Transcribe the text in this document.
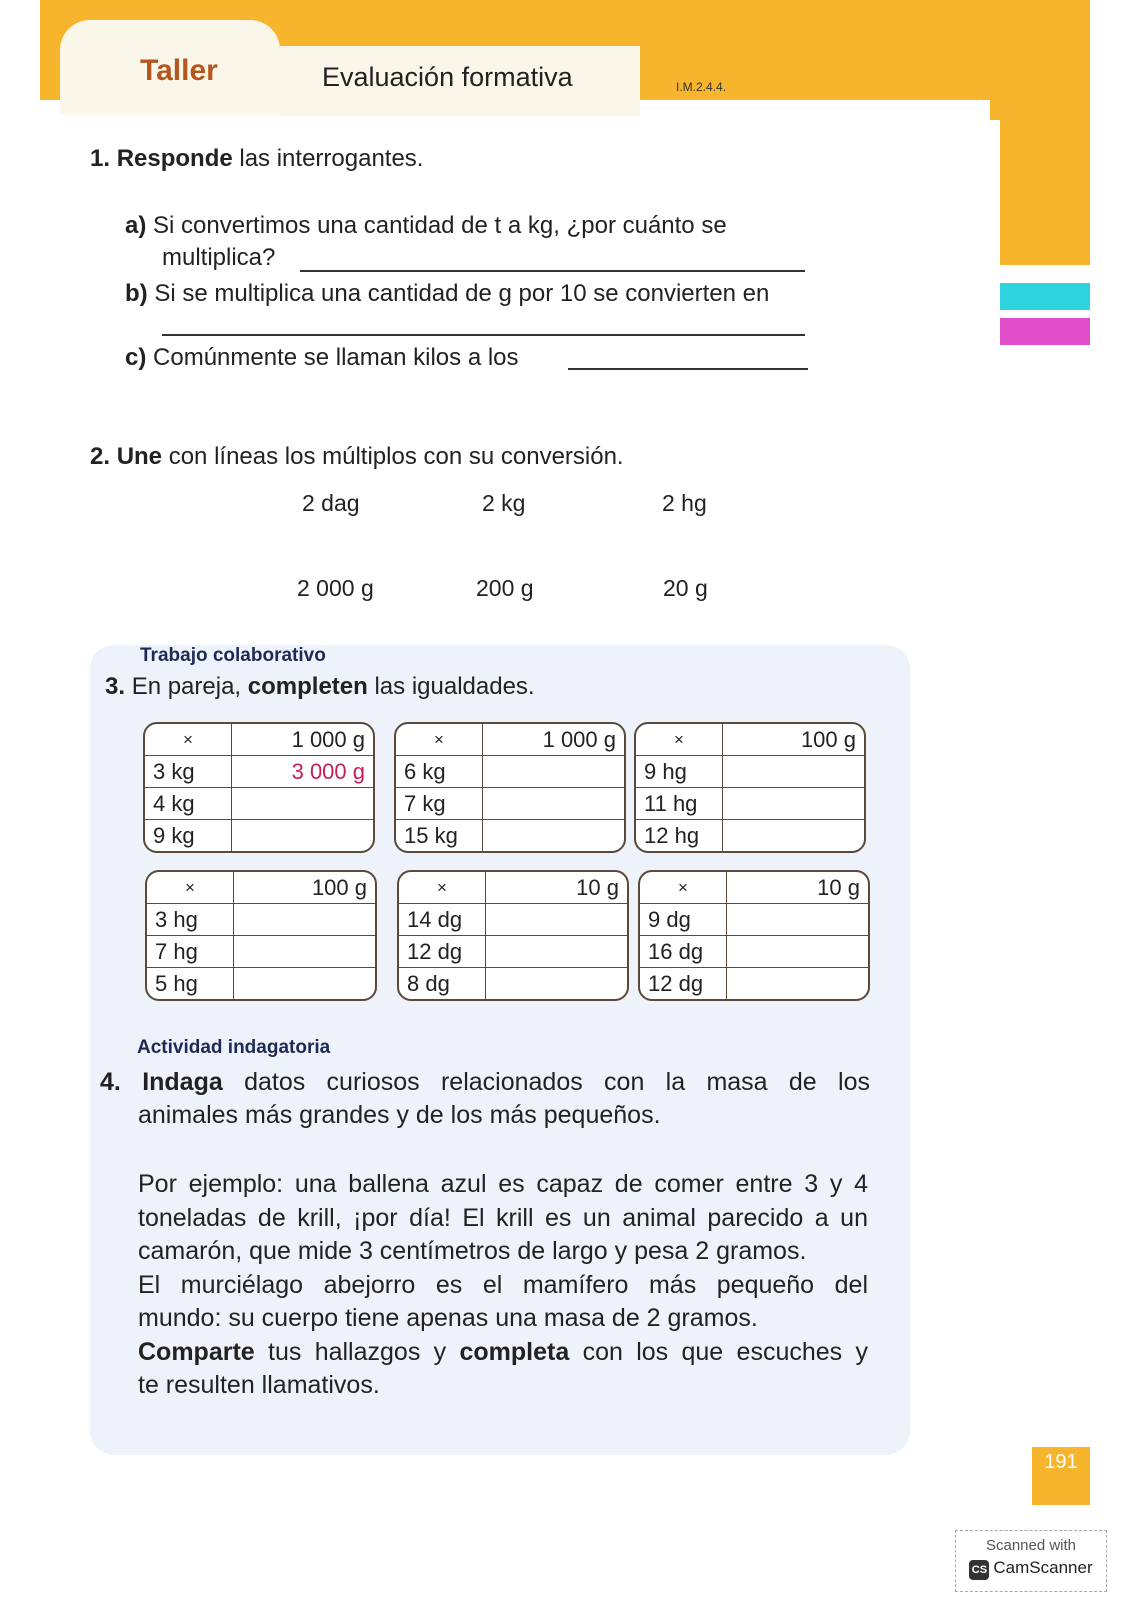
Taller	Evaluación formativa	I.M.2.4.4.
1. Responde las interrogantes.
a) Si convertimos una cantidad de t a kg, ¿por cuánto se
multiplica?
b) Si se multiplica una cantidad de g por 10 se convierten en
c) Comúnmente se llaman kilos a los
2. Une con líneas los múltiplos con su conversión.
2 dag	2 kg	2 hg
2 000 g	200 g	20 g
Trabajo colaborativo
3. En pareja, completen las igualdades.
×	1 000 g
3 kg	3 000 g
4 kg	
9 kg	
×	1 000 g
6 kg	
7 kg	
15 kg	
×	100 g
9 hg	
11 hg	
12 hg	
×	100 g
3 hg	
7 hg	
5 hg	
×	10 g
14 dg	
12 dg	
8 dg	
×	10 g
9 dg	
16 dg	
12 dg	
Actividad indagatoria
4. Indaga datos curiosos relacionados con la masa de los
animales más grandes y de los más pequeños.
Por ejemplo: una ballena azul es capaz de comer entre 3 y 4
toneladas de krill, ¡por día! El krill es un animal parecido a un
camarón, que mide 3 centímetros de largo y pesa 2 gramos.
El murciélago abejorro es el mamífero más pequeño del
mundo: su cuerpo tiene apenas una masa de 2 gramos.
Comparte tus hallazgos y completa con los que escuches y
te resulten llamativos.
191
Scanned with
CS CamScanner
